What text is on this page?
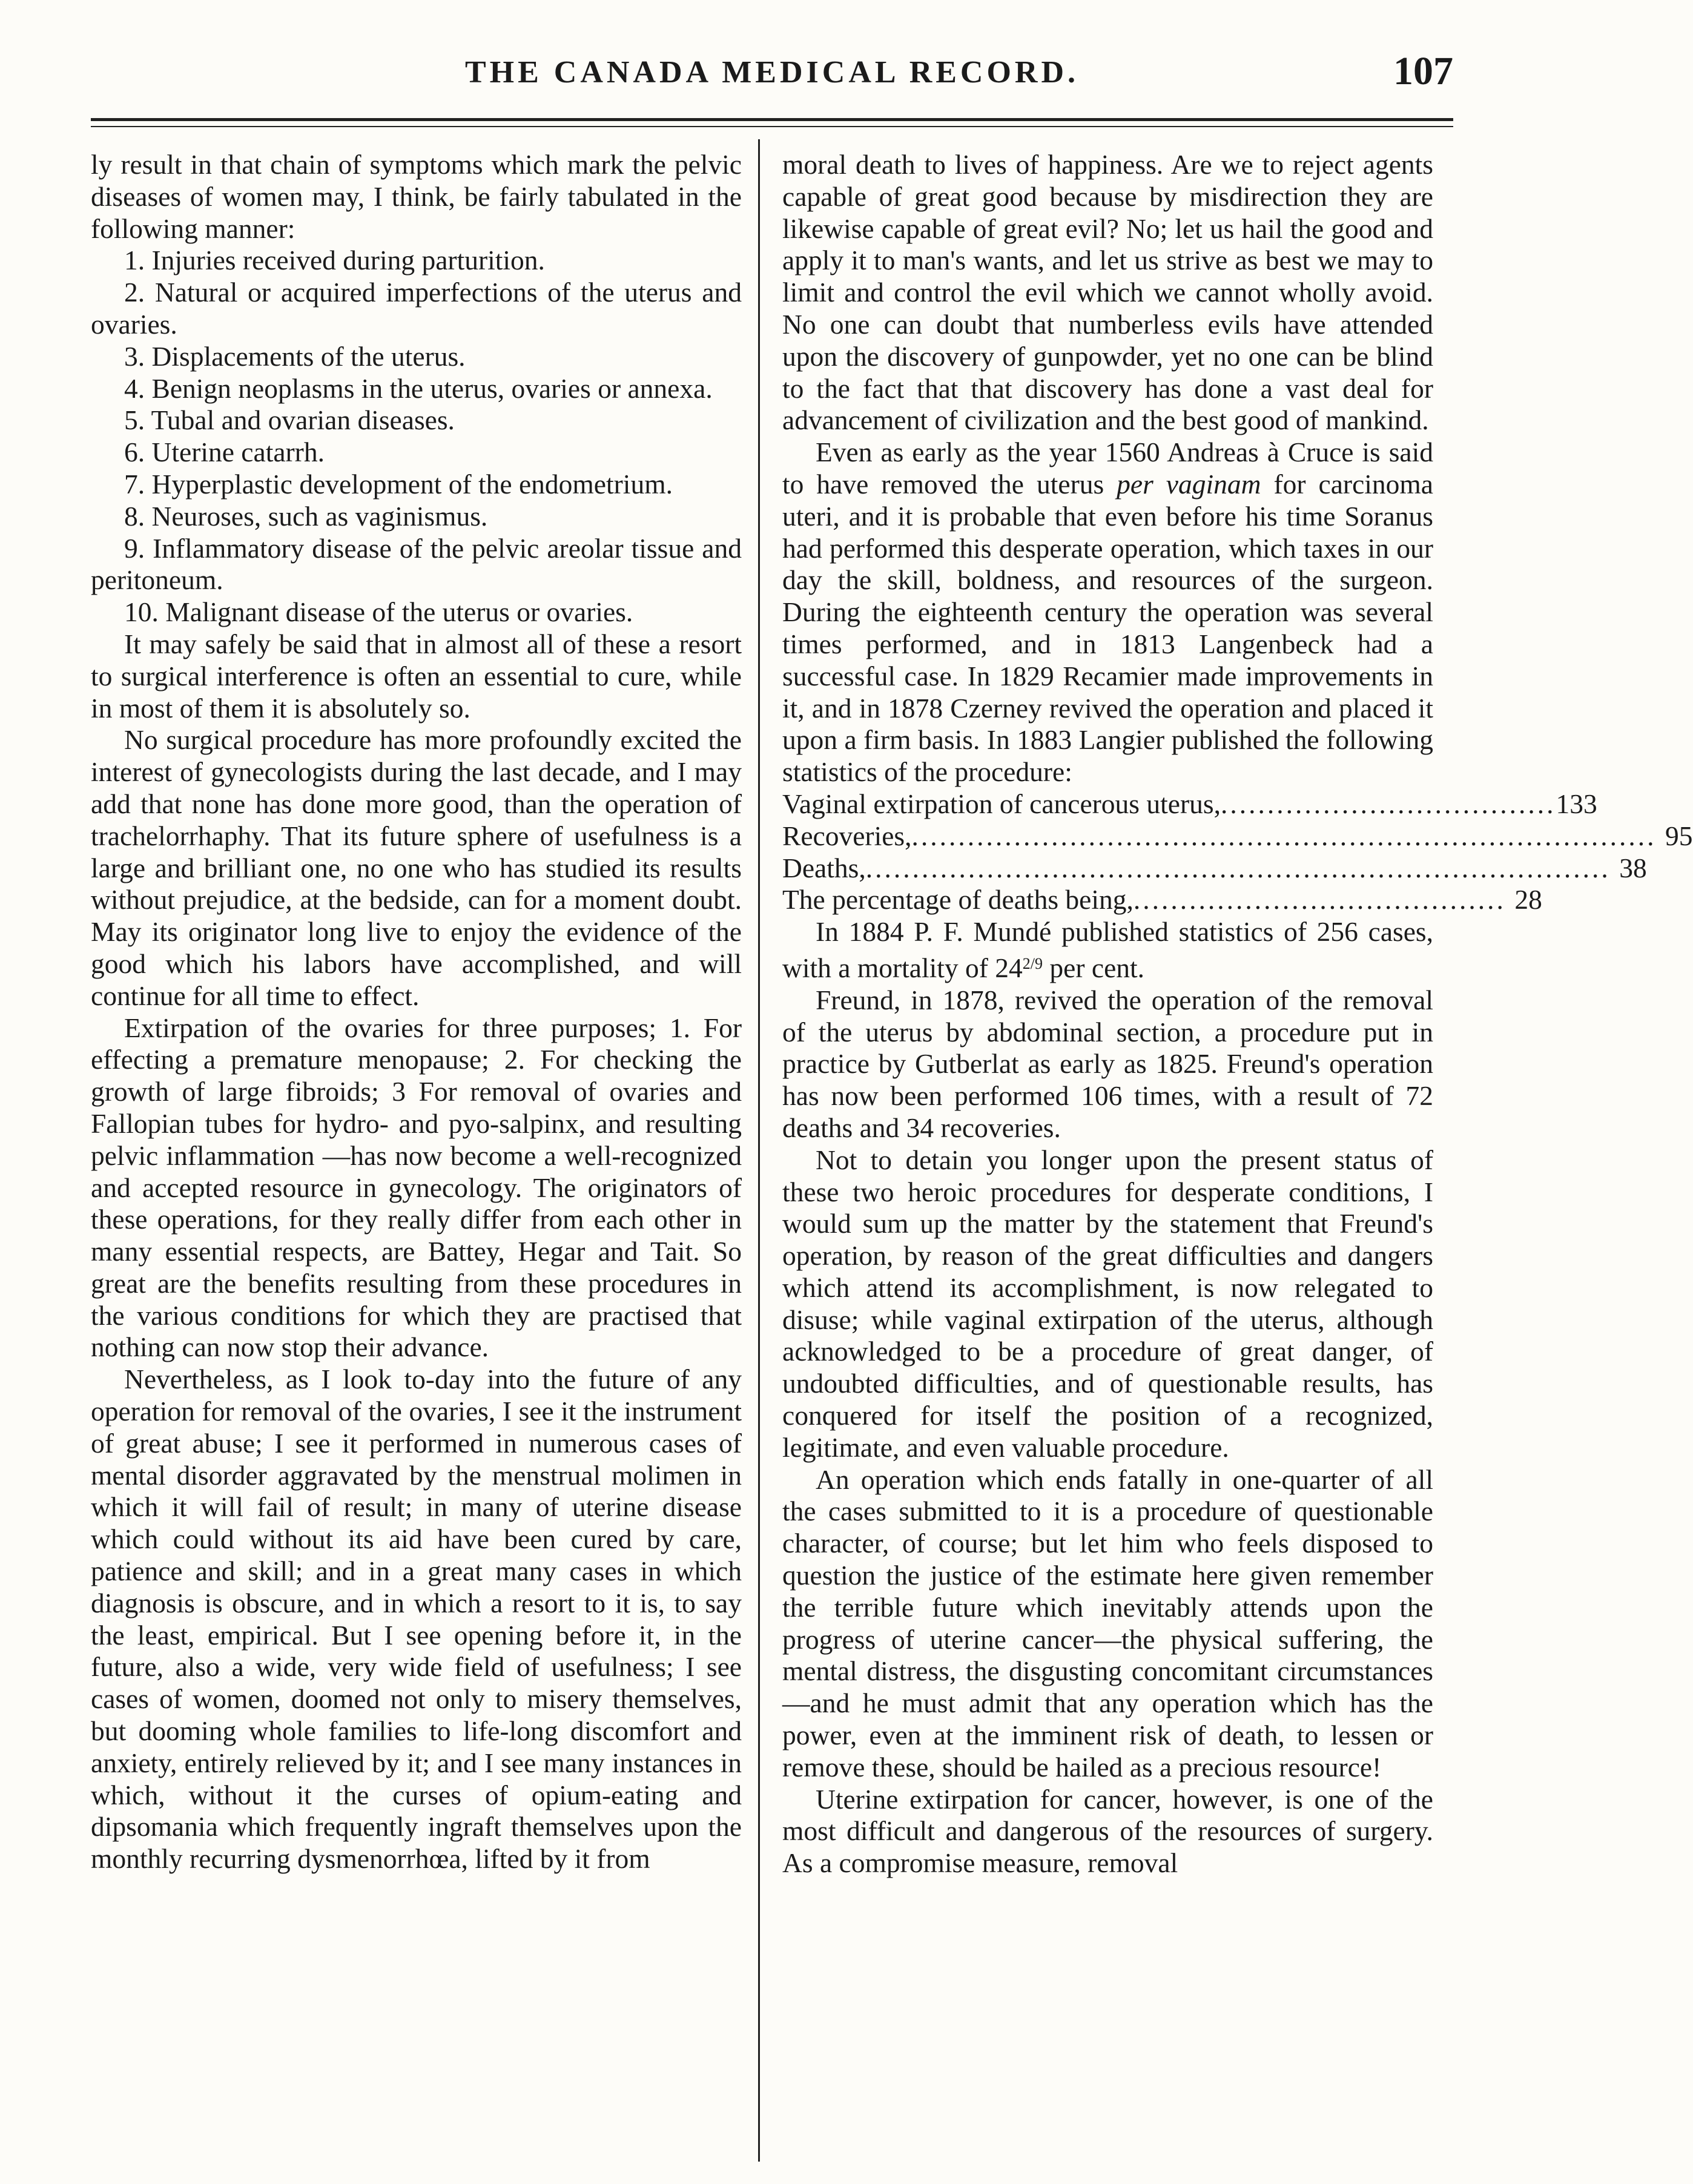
THE CANADA MEDICAL RECORD.	107

ly result in that chain of symptoms which mark the pelvic diseases of women may, I think, be fairly tabulated in the following manner:

1. Injuries received during parturition.

2. Natural or acquired imperfections of the uterus and ovaries.

3. Displacements of the uterus.

4. Benign neoplasms in the uterus, ovaries or annexa.

5. Tubal and ovarian diseases.

6. Uterine catarrh.

7. Hyperplastic development of the endometrium.

8. Neuroses, such as vaginismus.

9. Inflammatory disease of the pelvic areolar tissue and peritoneum.

10. Malignant disease of the uterus or ovaries.

It may safely be said that in almost all of these a resort to surgical interference is often an essential to cure, while in most of them it is absolutely so.

No surgical procedure has more profoundly excited the interest of gynecologists during the last decade, and I may add that none has done more good, than the operation of trachelorrhaphy. That its future sphere of usefulness is a large and brilliant one, no one who has studied its results without prejudice, at the bedside, can for a moment doubt. May its originator long live to enjoy the evidence of the good which his labors have accomplished, and will continue for all time to effect.

Extirpation of the ovaries for three purposes; 1. For effecting a premature menopause; 2. For checking the growth of large fibroids; 3 For removal of ovaries and Fallopian tubes for hydro- and pyo-salpinx, and resulting pelvic inflammation —has now become a well-recognized and accepted resource in gynecology. The originators of these operations, for they really differ from each other in many essential respects, are Battey, Hegar and Tait. So great are the benefits resulting from these procedures in the various conditions for which they are practised that nothing can now stop their advance.

Nevertheless, as I look to-day into the future of any operation for removal of the ovaries, I see it the instrument of great abuse; I see it performed in numerous cases of mental disorder aggravated by the menstrual molimen in which it will fail of result; in many of uterine disease which could without its aid have been cured by care, patience and skill; and in a great many cases in which diagnosis is obscure, and in which a resort to it is, to say the least, empirical. But I see opening before it, in the future, also a wide, very wide field of usefulness; I see cases of women, doomed not only to misery themselves, but dooming whole families to life-long discomfort and anxiety, entirely relieved by it; and I see many instances in which, without it the curses of opium-eating and dipsomania which frequently ingraft themselves upon the monthly recurring dysmenorrhœa, lifted by it from

moral death to lives of happiness. Are we to reject agents capable of great good because by misdirection they are likewise capable of great evil? No; let us hail the good and apply it to man's wants, and let us strive as best we may to limit and control the evil which we cannot wholly avoid. No one can doubt that numberless evils have attended upon the discovery of gunpowder, yet no one can be blind to the fact that that discovery has done a vast deal for advancement of civilization and the best good of mankind.

Even as early as the year 1560 Andreas à Cruce is said to have removed the uterus per vaginam for carcinoma uteri, and it is probable that even before his time Soranus had performed this desperate operation, which taxes in our day the skill, boldness, and resources of the surgeon. During the eighteenth century the operation was several times performed, and in 1813 Langenbeck had a successful case. In 1829 Recamier made improvements in it, and in 1878 Czerney revived the operation and placed it upon a firm basis. In 1883 Langier published the following statistics of the procedure:

Vaginal extirpation of cancerous uterus, .................................... 133
Recoveries, ................................................................................ 95
Deaths, ................................................................................ 38
The percentage of deaths being, ........................................ 28

In 1884 P. F. Mundé published statistics of 256 cases, with a mortality of $24^{2/9}$ per cent.

Freund, in 1878, revived the operation of the removal of the uterus by abdominal section, a procedure put in practice by Gutberlat as early as 1825. Freund's operation has now been performed 106 times, with a result of 72 deaths and 34 recoveries.

Not to detain you longer upon the present status of these two heroic procedures for desperate conditions, I would sum up the matter by the statement that Freund's operation, by reason of the great difficulties and dangers which attend its accomplishment, is now relegated to disuse; while vaginal extirpation of the uterus, although acknowledged to be a procedure of great danger, of undoubted difficulties, and of questionable results, has conquered for itself the position of a recognized, legitimate, and even valuable procedure.

An operation which ends fatally in one-quarter of all the cases submitted to it is a procedure of questionable character, of course; but let him who feels disposed to question the justice of the estimate here given remember the terrible future which inevitably attends upon the progress of uterine cancer—the physical suffering, the mental distress, the disgusting concomitant circumstances—and he must admit that any operation which has the power, even at the imminent risk of death, to lessen or remove these, should be hailed as a precious resource!

Uterine extirpation for cancer, however, is one of the most difficult and dangerous of the resources of surgery. As a compromise measure, removal
